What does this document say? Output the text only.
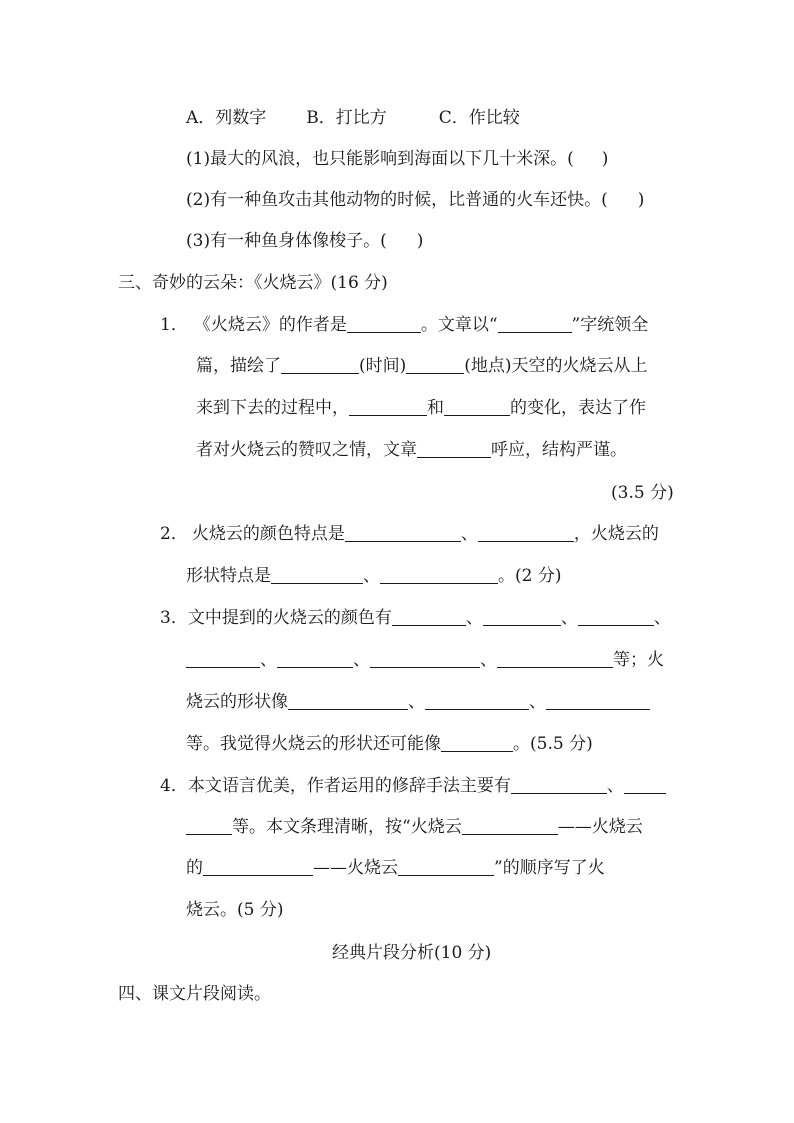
A．列数字 B．打比方	C．作比较
(1)最大的风浪，也只能影响到海面以下几十米深。( )
(2)有一种鱼攻击其他动物的时候，比普通的火车还快。( )
(3)有一种鱼身体像梭子。( )
三、奇妙的云朵：《火烧云》(16 分)
1． 《火烧云》的作者是	。文章以“	”字统领全
篇，描绘了	(时间)	(地点)天空的火烧云从上
来到下去的过程中，	和	的变化，表达了作
者对火烧云的赞叹之情，文章	呼应，结构严谨。
(3.5 分)
2． 火烧云的颜色特点是	、	，火烧云的
形状特点是	、	。(2 分)
3．文中提到的火烧云的颜色有	、	、	、
、	、	、	等；火
烧云的形状像	、	、
等。我觉得火烧云的形状还可能像	。(5.5 分)
4．本文语言优美，作者运用的修辞手法主要有	、
等。本文条理清晰，按“火烧云	——火烧云
的	——火烧云	”的顺序写了火
烧云。(5 分)
经典片段分析(10 分)
四、课文片段阅读。
